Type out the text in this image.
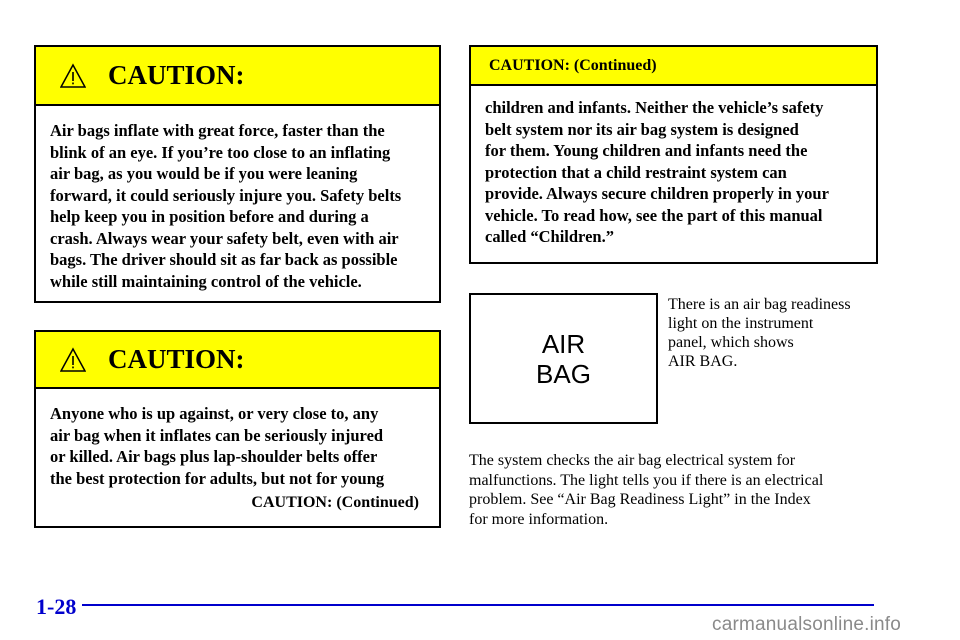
CAUTION:
Air bags inflate with great force, faster than the
blink of an eye. If you’re too close to an inflating
air bag, as you would be if you were leaning
forward, it could seriously injure you. Safety belts
help keep you in position before and during a
crash. Always wear your safety belt, even with air
bags. The driver should sit as far back as possible
while still maintaining control of the vehicle.
CAUTION:
Anyone who is up against, or very close to, any
air bag when it inflates can be seriously injured
or killed. Air bags plus lap-shoulder belts offer
the best protection for adults, but not for young
CAUTION: (Continued)
CAUTION: (Continued)
children and infants. Neither the vehicle’s safety
belt system nor its air bag system is designed
for them. Young children and infants need the
protection that a child restraint system can
provide. Always secure children properly in your
vehicle. To read how, see the part of this manual
called “Children.”
AIR
BAG
There is an air bag readiness
light on the instrument
panel, which shows
AIR BAG.
The system checks the air bag electrical system for
malfunctions. The light tells you if there is an electrical
problem. See “Air Bag Readiness Light” in the Index
for more information.
1-28
carmanualsonline.info
